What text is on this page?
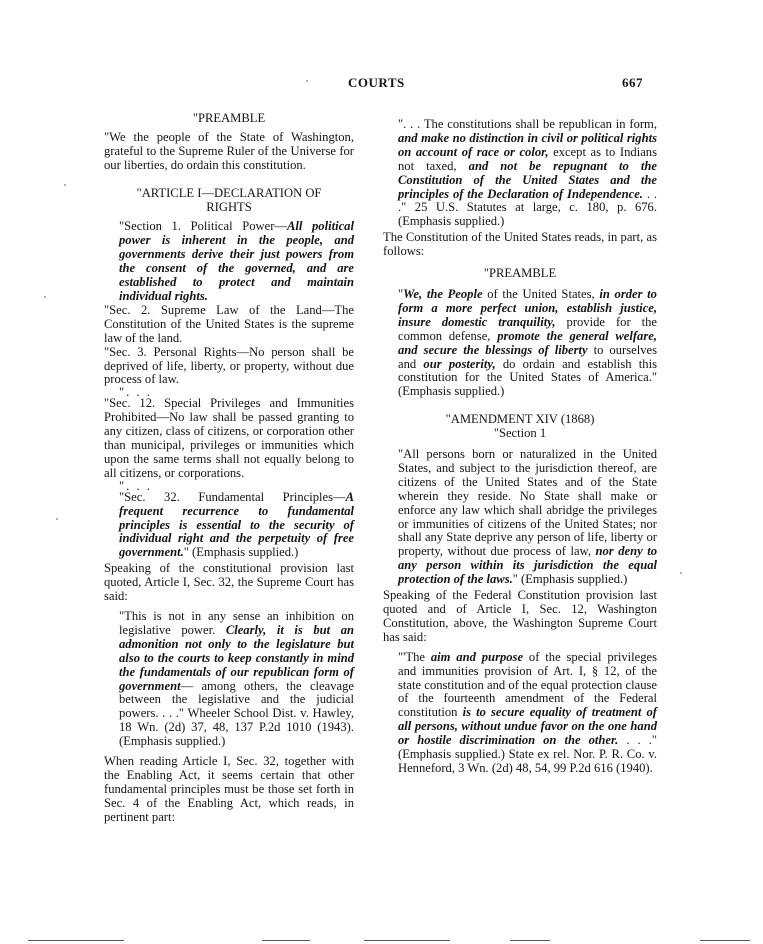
COURTS	667

"PREAMBLE

"We the people of the State of Washington, grateful to the Supreme Ruler of the Universe for our liberties, do ordain this constitution.

"ARTICLE I—DECLARATION OF RIGHTS

"Section 1. Political Power—All political power is inherent in the people, and governments derive their just powers from the consent of the governed, and are established to protect and maintain individual rights.

"Sec. 2. Supreme Law of the Land—The Constitution of the United States is the supreme law of the land.

"Sec. 3. Personal Rights—No person shall be deprived of life, liberty, or property, without due process of law.

". . .

"Sec. 12. Special Privileges and Immunities Prohibited—No law shall be passed granting to any citizen, class of citizens, or corporation other than municipal, privileges or immunities which upon the same terms shall not equally belong to all citizens, or corporations.

". . .

"Sec. 32. Fundamental Principles—A frequent recurrence to fundamental principles is essential to the security of individual right and the perpetuity of free government." (Emphasis supplied.)

Speaking of the constitutional provision last quoted, Article I, Sec. 32, the Supreme Court has said:

"This is not in any sense an inhibition on legislative power. Clearly, it is but an admonition not only to the legislature but also to the courts to keep constantly in mind the fundamentals of our republican form of government— among others, the cleavage between the legislative and the judicial powers. . . ." Wheeler School Dist. v. Hawley, 18 Wn. (2d) 37, 48, 137 P.2d 1010 (1943). (Emphasis supplied.)

When reading Article I, Sec. 32, together with the Enabling Act, it seems certain that other fundamental principles must be those set forth in Sec. 4 of the Enabling Act, which reads, in pertinent part:

". . . The constitutions shall be republican in form, and make no distinction in civil or political rights on account of race or color, except as to Indians not taxed, and not be repugnant to the Constitution of the United States and the principles of the Declaration of Independence. . . ." 25 U.S. Statutes at large, c. 180, p. 676. (Emphasis supplied.)

The Constitution of the United States reads, in part, as follows:

"PREAMBLE

"We, the People of the United States, in order to form a more perfect union, establish justice, insure domestic tranquility, provide for the common defense, promote the general welfare, and secure the blessings of liberty to ourselves and our posterity, do ordain and establish this constitution for the United States of America." (Emphasis supplied.)

"AMENDMENT XIV (1868)

"Section 1

"All persons born or naturalized in the United States, and subject to the jurisdiction thereof, are citizens of the United States and of the State wherein they reside. No State shall make or enforce any law which shall abridge the privileges or immunities of citizens of the United States; nor shall any State deprive any person of life, liberty or property, without due process of law, nor deny to any person within its jurisdiction the equal protection of the laws." (Emphasis supplied.)

Speaking of the Federal Constitution provision last quoted and of Article I, Sec. 12, Washington Constitution, above, the Washington Supreme Court has said:

"'The aim and purpose of the special privileges and immunities provision of Art. I, § 12, of the state constitution and of the equal protection clause of the fourteenth amendment of the Federal constitution is to secure equality of treatment of all persons, without undue favor on the one hand or hostile discrimination on the other. . . ." (Emphasis supplied.) State ex rel. Nor. P. R. Co. v. Henneford, 3 Wn. (2d) 48, 54, 99 P.2d 616 (1940).
